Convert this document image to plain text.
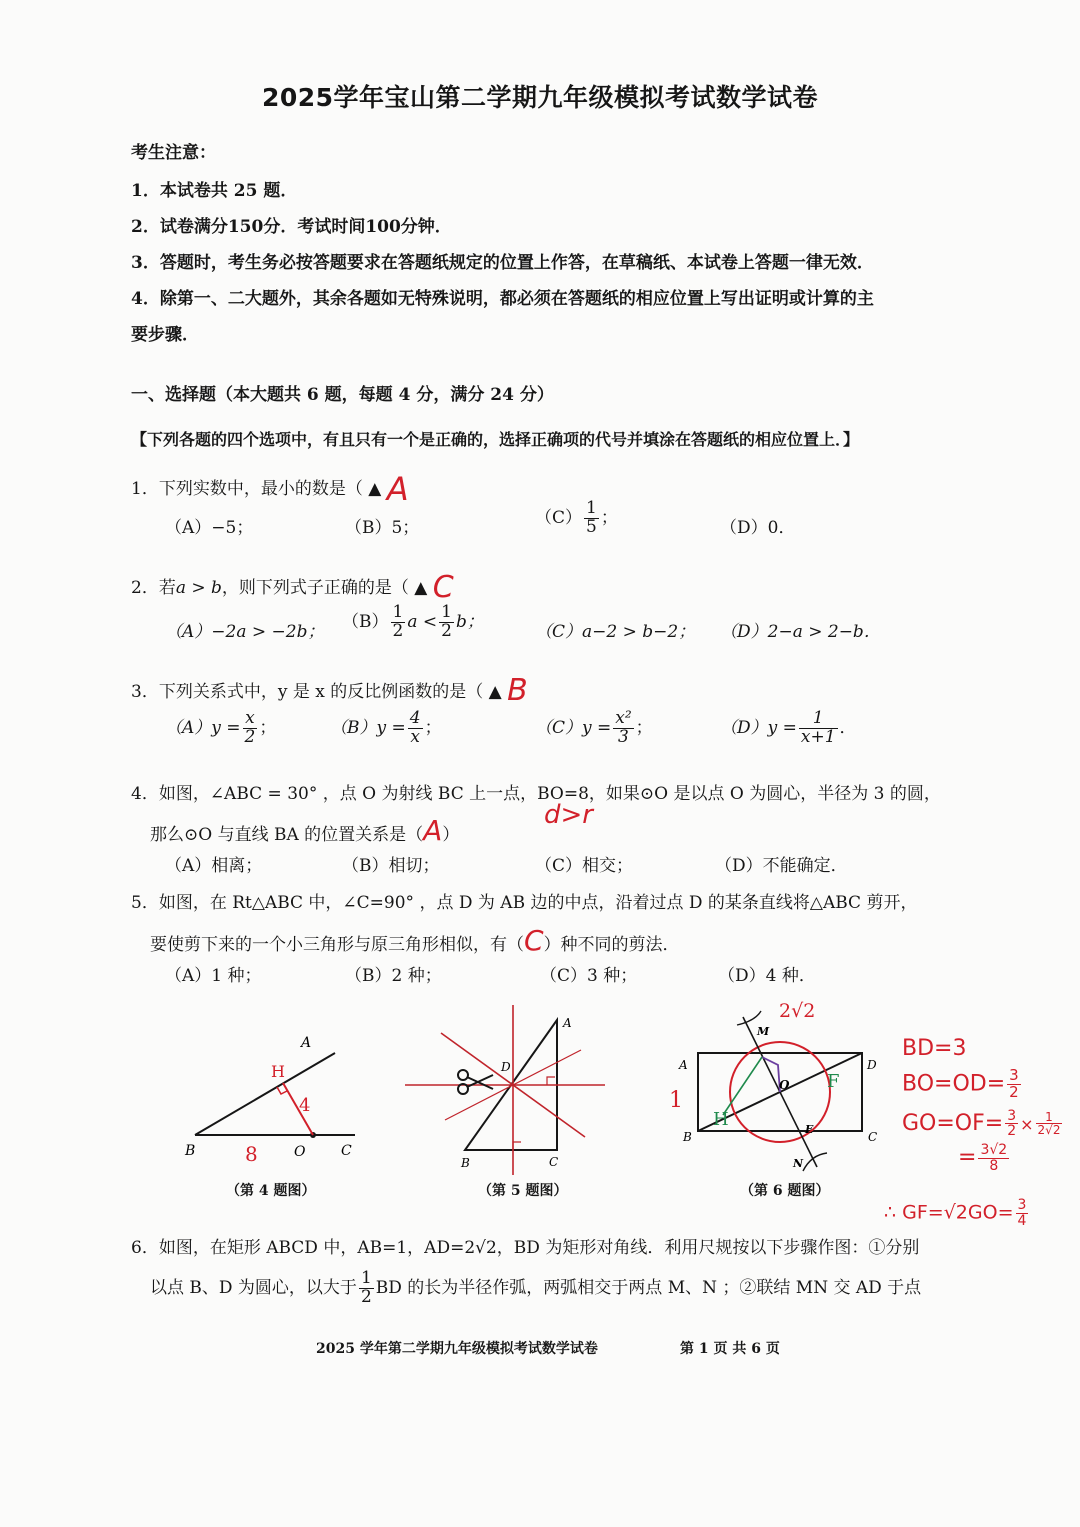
2025学年宝山第二学期九年级模拟考试数学试卷
考生注意：
1．本试卷共 25 题．
2．试卷满分150分．考试时间100分钟．
3．答题时，考生务必按答题要求在答题纸规定的位置上作答，在草稿纸、本试卷上答题一律无效．
4．除第一、二大题外，其余各题如无特殊说明，都必须在答题纸的相应位置上写出证明或计算的主
要步骤．
一、选择题（本大题共 6 题，每题 4 分，满分 24 分）
【下列各题的四个选项中，有且只有一个是正确的，选择正确项的代号并填涂在答题纸的相应位置上．】
1．下列实数中，最小的数是（ ▲ A
（A）−5；	（B）5；
$(C) \frac{1}{5}$ ；
（D）0．
2．若a > b，则下列式子正确的是（ ▲ C
（A）−2a > −2b；
$(B) \frac{1}{2}$ $a < \frac{1}{2}$ b；
（C）a−2 > b−2； （D）2−a > 2−b．
3．下列关系式中，y 是 x 的反比例函数的是（ ▲ B
$(A)y = \frac{x}{2}$ ；	$(B)y = \frac{4}{x}$ ；	$(C)y = \frac{\text{x²}}{3}$ ；	$(D)y = \frac{1}{x+1}$ ．
4．如图，∠ABC = 30° ，点 O 为射线 BC 上一点，BO=8，如果⊙O 是以点 O 为圆心，半径为 3 的圆，
那么⊙O 与直线 BA 的位置关系是（A）
d>r
（A）相离；	（B）相切；	（C）相交；	（D）不能确定．
5．如图，在 Rt△ABC 中，∠C=90° ，点 D 为 AB 边的中点，沿着过点 D 的某条直线将△ABC 剪开，
要使剪下来的一个小三角形与原三角形相似，有（C）种不同的剪法．
（A）1 种；	（B）2 种；	（C）3 种；	（D）4 种．
A
B	O	C
H
8
4
（第 4 题图）
A
B	C
D
（第 5 题图）
A	D
B	C
M
N
O
E
2√2
1
H
F
（第 6 题图）
BD=3
$BO=OD= \frac{3}{2}$
$GO=OF= \frac{3}{2} \times \frac{1}{2√2}$
= $\frac{3√2}{8}$
∴ $GF=√2GO= \frac{3}{4}$
6．如图，在矩形 ABCD 中，AB=1，AD=2√2，BD 为矩形对角线．利用尺规按以下步骤作图：①分别
以点 B、D 为圆心，以大于 $\frac{1}{2}$ BD 的长为半径作弧，两弧相交于两点 M、N ；②联结 MN 交 AD 于点
2025 学年第二学期九年级模拟考试数学试卷	第 1 页 共 6 页
